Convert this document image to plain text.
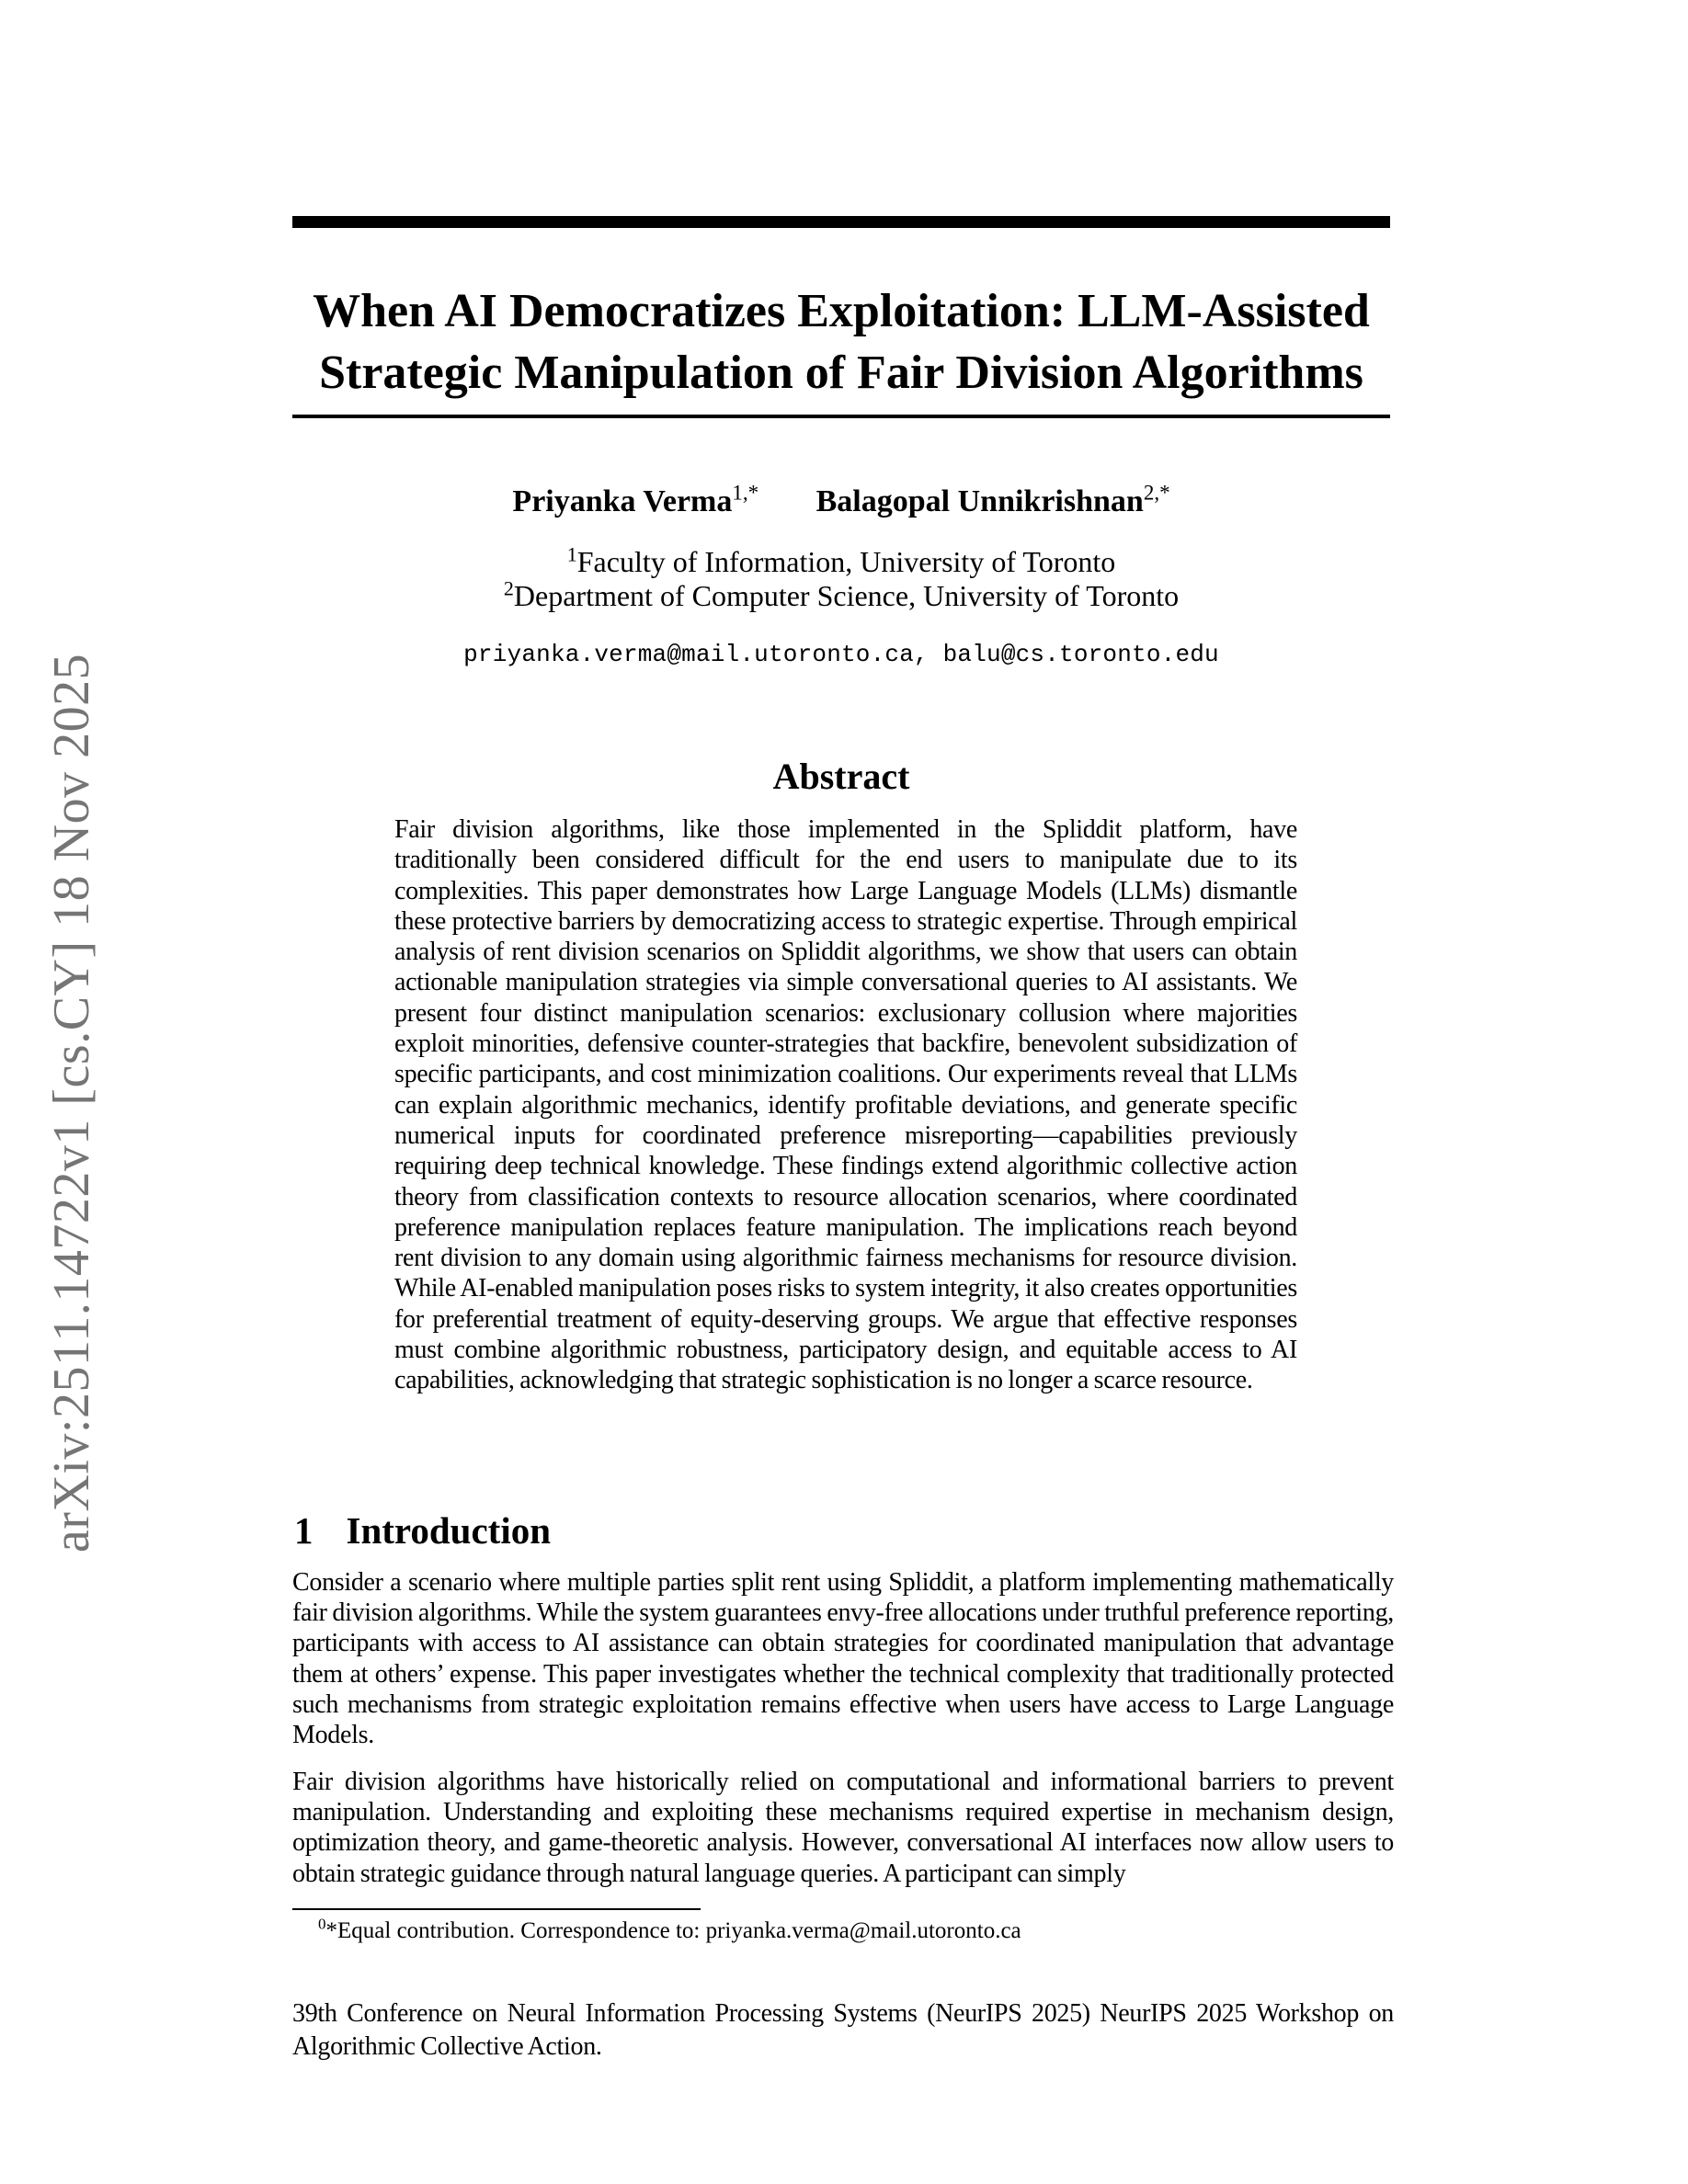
arXiv:2511.14722v1 [cs.CY] 18 Nov 2025
When AI Democratizes Exploitation: LLM-Assisted
Strategic Manipulation of Fair Division Algorithms
Priyanka Verma$^{1,*}$ Balagopal Unnikrishnan$^{2,*}$
$^1$Faculty of Information, University of Toronto
$^2$Department of Computer Science, University of Toronto
priyanka.verma@mail.utoronto.ca, balu@cs.toronto.edu
Abstract

Fair division algorithms, like those implemented in the Spliddit platform, have traditionally been considered difficult for the end users to manipulate due to its complexities. This paper demonstrates how Large Language Models (LLMs) dismantle these protective barriers by democratizing access to strategic expertise. Through empirical analysis of rent division scenarios on Spliddit algorithms, we show that users can obtain actionable manipulation strategies via simple conversational queries to AI assistants. We present four distinct manipulation scenarios: exclusionary collusion where majorities exploit minorities, defensive counter-strategies that backfire, benevolent subsidization of specific participants, and cost minimization coalitions. Our experiments reveal that LLMs can explain algorithmic mechanics, identify profitable deviations, and generate specific numerical inputs for coordinated preference misreporting—capabilities previously requiring deep technical knowledge. These findings extend algorithmic collective action theory from classification contexts to resource allocation scenarios, where coordinated preference manipulation replaces feature manipulation. The implications reach beyond rent division to any domain using algorithmic fairness mechanisms for resource division. While AI-enabled manipulation poses risks to system integrity, it also creates opportunities for preferential treatment of equity-deserving groups. We argue that effective responses must combine algorithmic robustness, participatory design, and equitable access to AI capabilities, acknowledging that strategic sophistication is no longer a scarce resource.

1 Introduction

Consider a scenario where multiple parties split rent using Spliddit, a platform implementing mathematically fair division algorithms. While the system guarantees envy-free allocations under truthful preference reporting, participants with access to AI assistance can obtain strategies for coordinated manipulation that advantage them at others’ expense. This paper investigates whether the technical complexity that traditionally protected such mechanisms from strategic exploitation remains effective when users have access to Large Language Models.

Fair division algorithms have historically relied on computational and informational barriers to prevent manipulation. Understanding and exploiting these mechanisms required expertise in mechanism design, optimization theory, and game-theoretic analysis. However, conversational AI interfaces now allow users to obtain strategic guidance through natural language queries. A participant can simply

$^0$*Equal contribution. Correspondence to: priyanka.verma@mail.utoronto.ca
39th Conference on Neural Information Processing Systems (NeurIPS 2025) NeurIPS 2025 Workshop on Algorithmic Collective Action.
